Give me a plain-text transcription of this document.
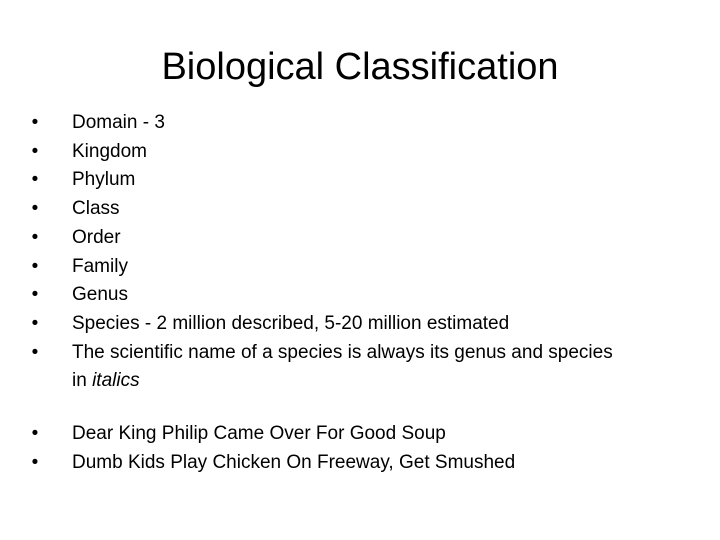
Biological Classification
• Domain - 3
• Kingdom
• Phylum
• Class
• Order
• Family
• Genus
• Species - 2 million described, 5-20 million estimated
• The scientific name of a species is always its genus and species in italics
• Dear King Philip Came Over For Good Soup
• Dumb Kids Play Chicken On Freeway, Get Smushed
